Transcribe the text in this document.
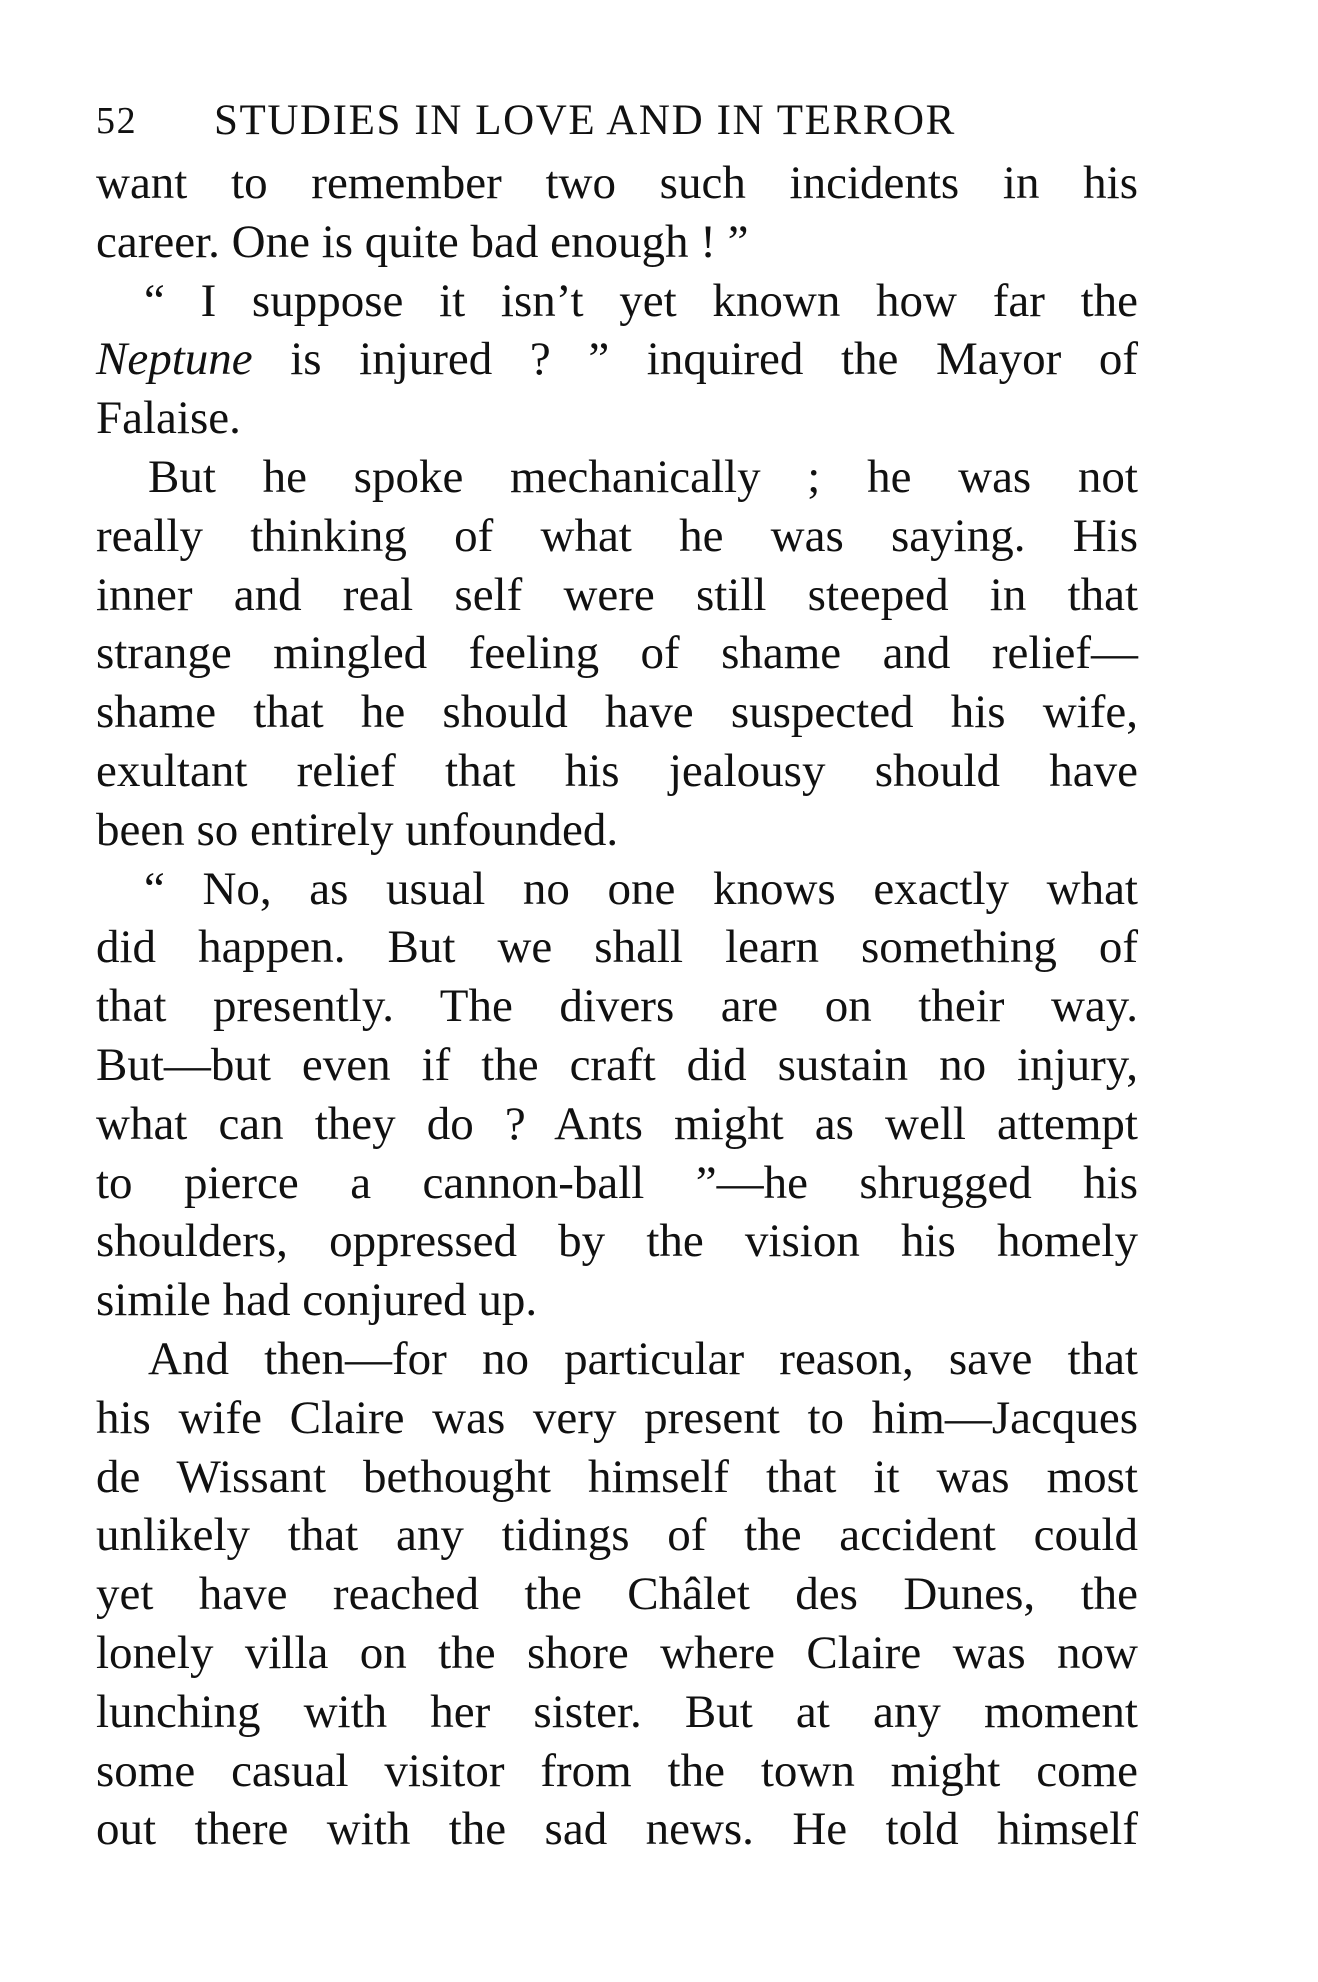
52 STUDIES IN LOVE AND IN TERROR
want to remember two such incidents in his
career. One is quite bad enough ! ”
“ I suppose it isn’t yet known how far the
Neptune is injured ? ” inquired the Mayor of
Falaise.
But he spoke mechanically ; he was not
really thinking of what he was saying. His
inner and real self were still steeped in that
strange mingled feeling of shame and relief—
shame that he should have suspected his wife,
exultant relief that his jealousy should have
been so entirely unfounded.
“ No, as usual no one knows exactly what
did happen. But we shall learn something of
that presently. The divers are on their way.
But—but even if the craft did sustain no injury,
what can they do ? Ants might as well attempt
to pierce a cannon-ball ”—he shrugged his
shoulders, oppressed by the vision his homely
simile had conjured up.
And then—for no particular reason, save that
his wife Claire was very present to him—Jacques
de Wissant bethought himself that it was most
unlikely that any tidings of the accident could
yet have reached the Châlet des Dunes, the
lonely villa on the shore where Claire was now
lunching with her sister. But at any moment
some casual visitor from the town might come
out there with the sad news. He told himself
